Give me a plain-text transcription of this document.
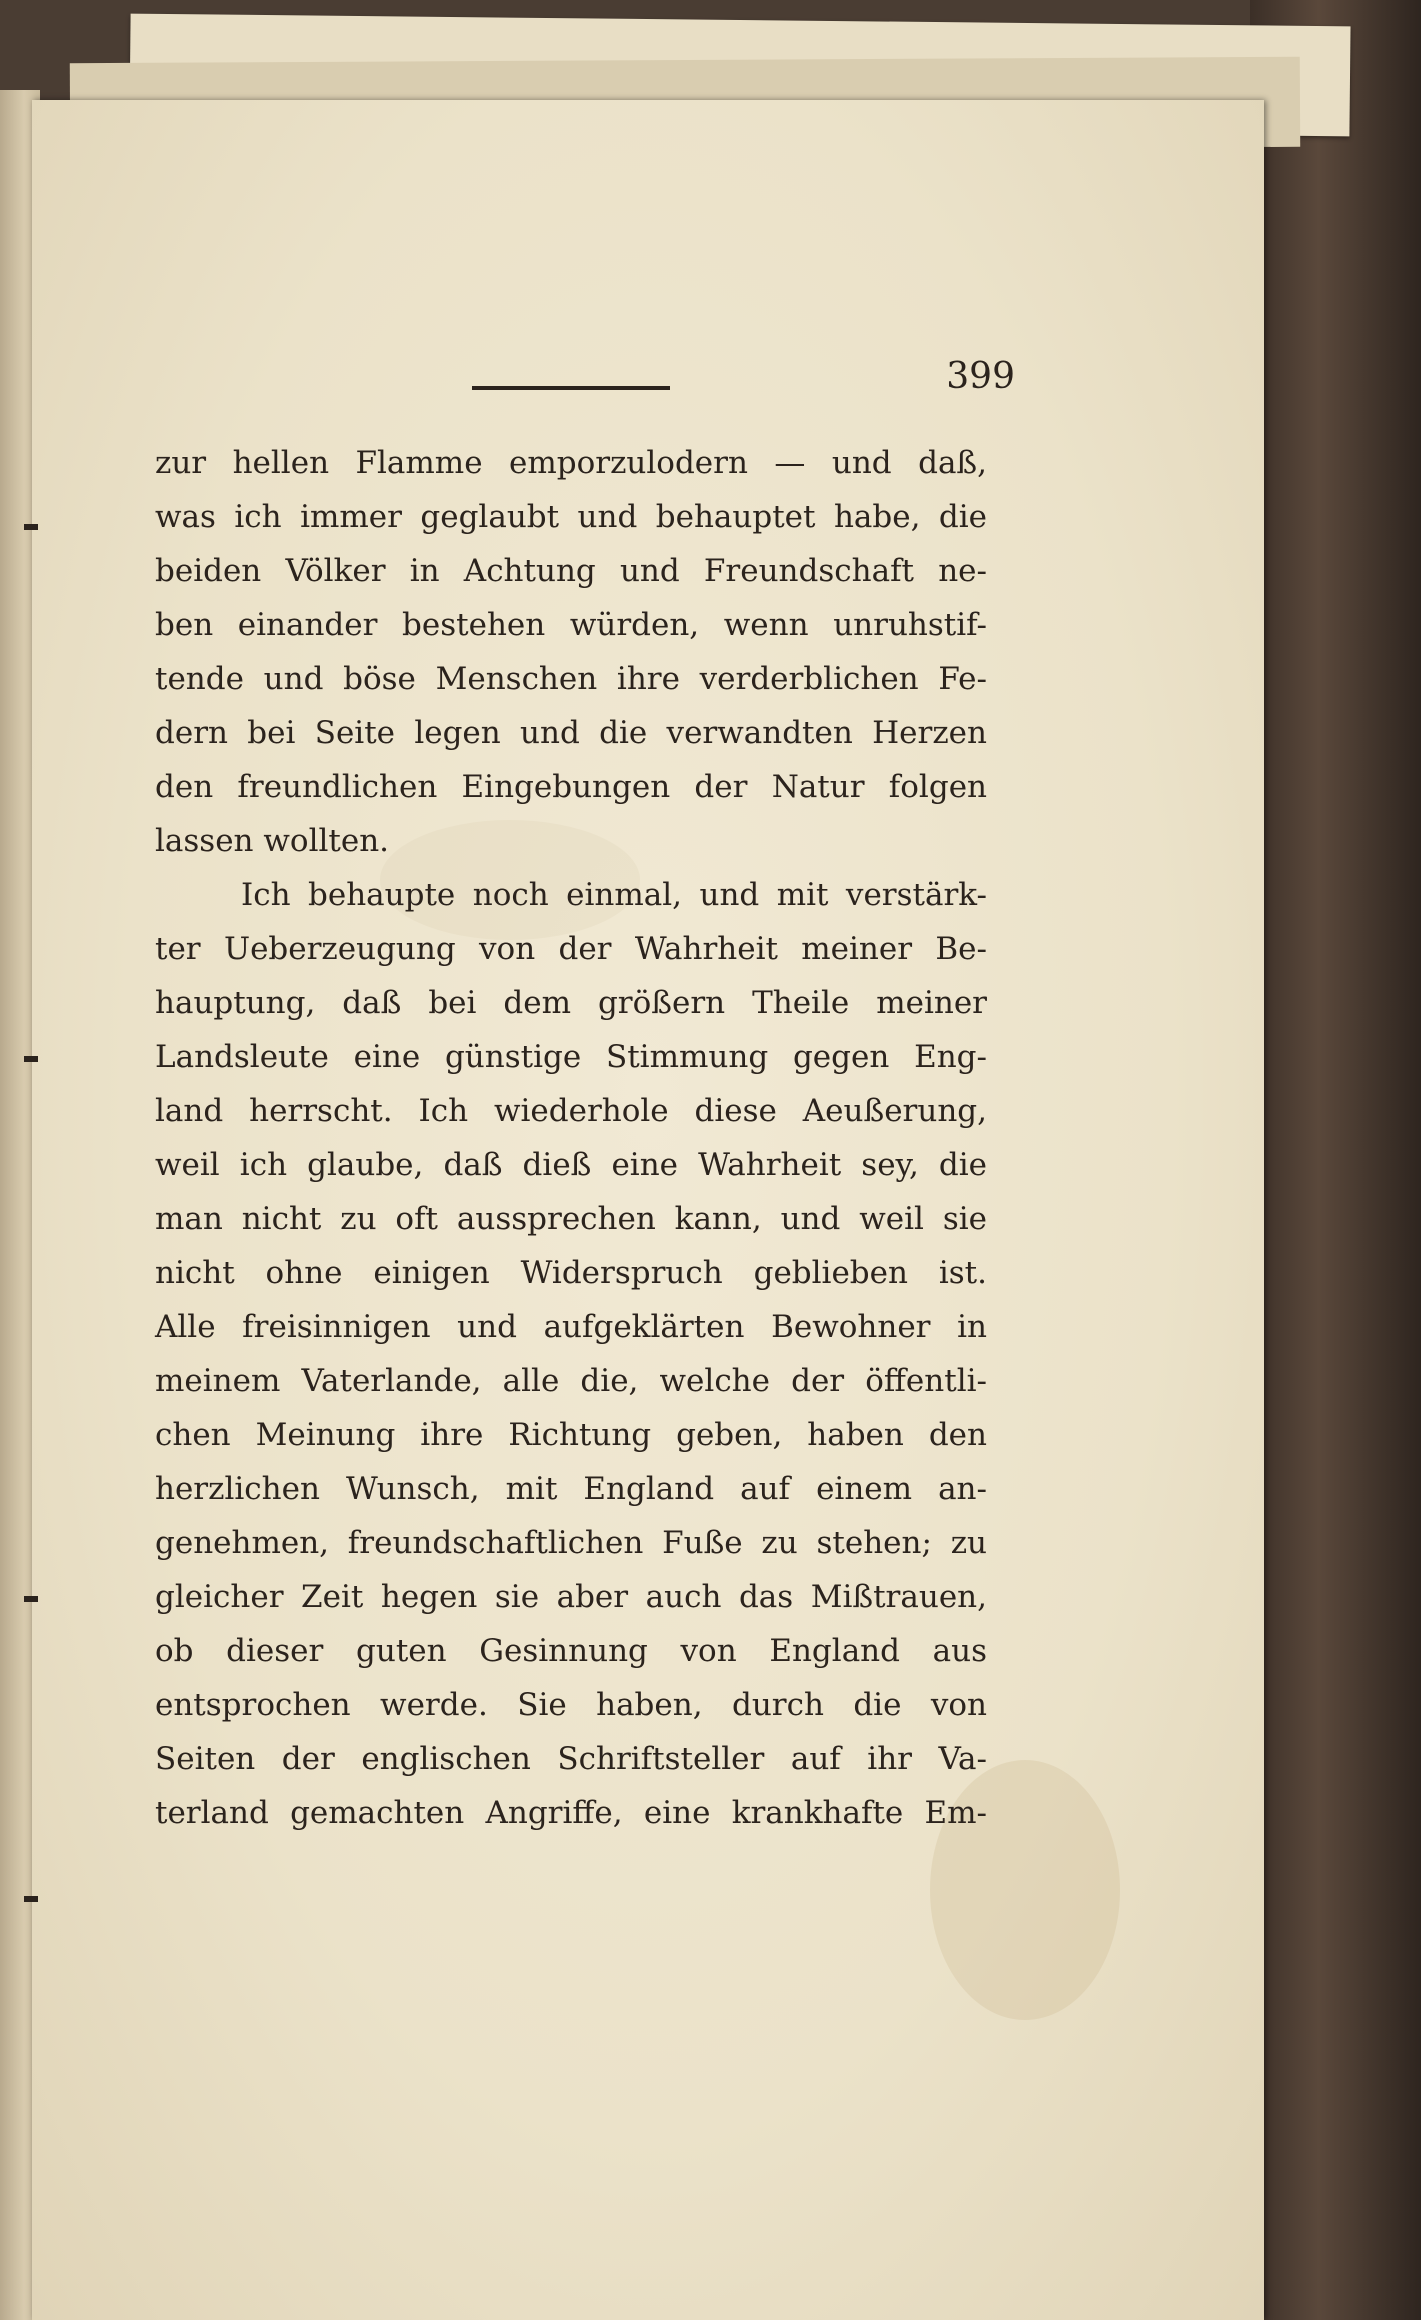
399
zur hellen Flamme emporzulodern — und daß,
was ich immer geglaubt und behauptet habe, die
beiden Völker in Achtung und Freundschaft ne-
ben einander bestehen würden, wenn unruhstif-
tende und böse Menschen ihre verderblichen Fe-
dern bei Seite legen und die verwandten Herzen
den freundlichen Eingebungen der Natur folgen
lassen wollten.
Ich behaupte noch einmal, und mit verstärk-
ter Ueberzeugung von der Wahrheit meiner Be-
hauptung, daß bei dem größern Theile meiner
Landsleute eine günstige Stimmung gegen Eng-
land herrscht. Ich wiederhole diese Aeußerung,
weil ich glaube, daß dieß eine Wahrheit sey, die
man nicht zu oft aussprechen kann, und weil sie
nicht ohne einigen Widerspruch geblieben ist.
Alle freisinnigen und aufgeklärten Bewohner in
meinem Vaterlande, alle die, welche der öffentli-
chen Meinung ihre Richtung geben, haben den
herzlichen Wunsch, mit England auf einem an-
genehmen, freundschaftlichen Fuße zu stehen; zu
gleicher Zeit hegen sie aber auch das Mißtrauen,
ob dieser guten Gesinnung von England aus
entsprochen werde. Sie haben, durch die von
Seiten der englischen Schriftsteller auf ihr Va-
terland gemachten Angriffe, eine krankhafte Em-
